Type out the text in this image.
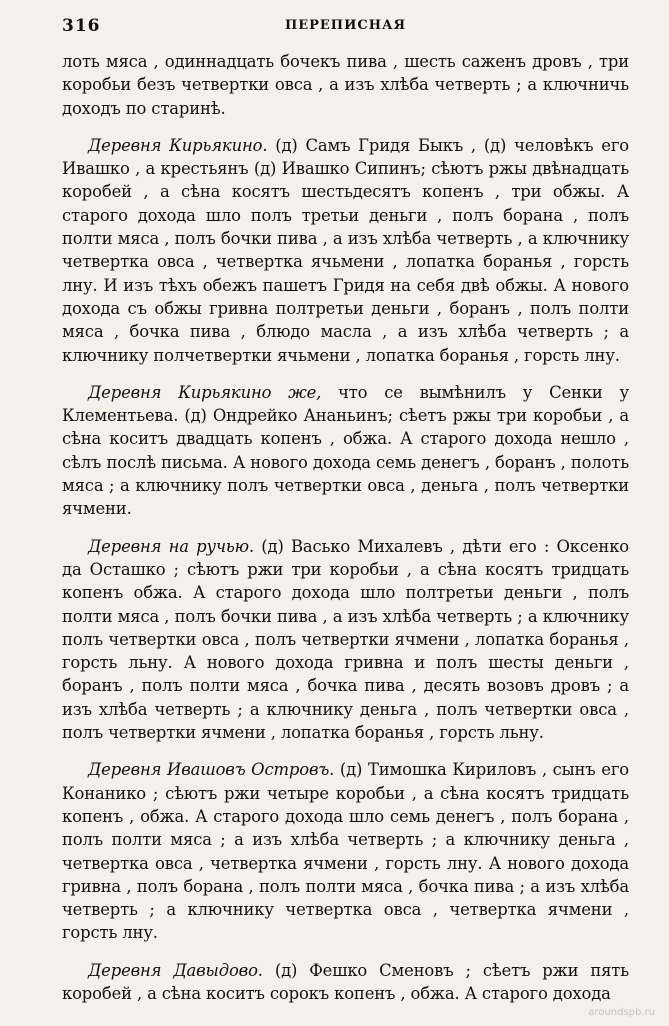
316	ПЕРЕПИСНАЯ

лоть мяса , одиннадцать бочекъ пива , шесть саженъ дровъ , три коробьи безъ четвертки овса , а изъ хлѣба четверть ; а ключничь доходъ по старинѣ.

Деревня Кирьякино. (д) Самъ Гридя Быкъ , (д) человѣкъ его Ивашко , а крестьянъ (д) Ивашко Сипинъ; сѣютъ ржы двѣнадцать коробей , а сѣна косятъ шестьдесятъ копенъ , три обжы. А старого дохода шло полъ третьи деньги , полъ борана , полъ полти мяса , полъ бочки пива , а изъ хлѣба четверть , а ключнику четвертка овса , четвертка ячьмени , лопатка боранья , горсть лну. И изъ тѣхъ обежъ пашетъ Гридя на себя двѣ обжы. А нового дохода съ обжы гривна полтретьи деньги , боранъ , полъ полти мяса , бочка пива , блюдо масла , а изъ хлѣба четверть ; а ключнику полчетвертки ячьмени , лопатка боранья , горсть лну.

Деревня Кирьякино же, что се вымѣнилъ у Сенки у Клементьева. (д) Ондрейко Ананьинъ; сѣетъ ржы три коробьи , а сѣна коситъ двадцать копенъ , обжа. А старого дохода нешло , сѣлъ послѣ письма. А нового дохода семь денегъ , боранъ , полоть мяса ; а ключнику полъ четвертки овса , деньга , полъ четвертки ячмени.

Деревня на ручью. (д) Васько Михалевъ , дѣти его : Оксенко да Осташко ; сѣютъ ржи три коробьи , а сѣна косятъ тридцать копенъ обжа. А старого дохода шло полтретьи деньги , полъ полти мяса , полъ бочки пива , а изъ хлѣба четверть ; а ключнику полъ четвертки овса , полъ четвертки ячмени , лопатка боранья , горсть льну. А нового дохода гривна и полъ шесты деньги , боранъ , полъ полти мяса , бочка пива , десять возовъ дровъ ; а изъ хлѣба четверть ; а ключнику деньга , полъ четвертки овса , полъ четвертки ячмени , лопатка боранья , горсть льну.

Деревня Ивашовъ Островъ. (д) Тимошка Кириловъ , сынъ его Конанико ; сѣютъ ржи четыре коробьи , а сѣна косятъ тридцать копенъ , обжа. А старого дохода шло семь денегъ , полъ борана , полъ полти мяса ; а изъ хлѣба четверть ; а ключнику деньга , четвертка овса , четвертка ячмени , горсть лну. А нового дохода гривна , полъ борана , полъ полти мяса , бочка пива ; а изъ хлѣба четверть ; а ключнику четвертка овса , четвертка ячмени , горсть лну.

Деревня Давыдово. (д) Фешко Сменовъ ; сѣетъ ржи пять коробей , а сѣна коситъ сорокъ копенъ , обжа. А старого дохода

aroundspb.ru
